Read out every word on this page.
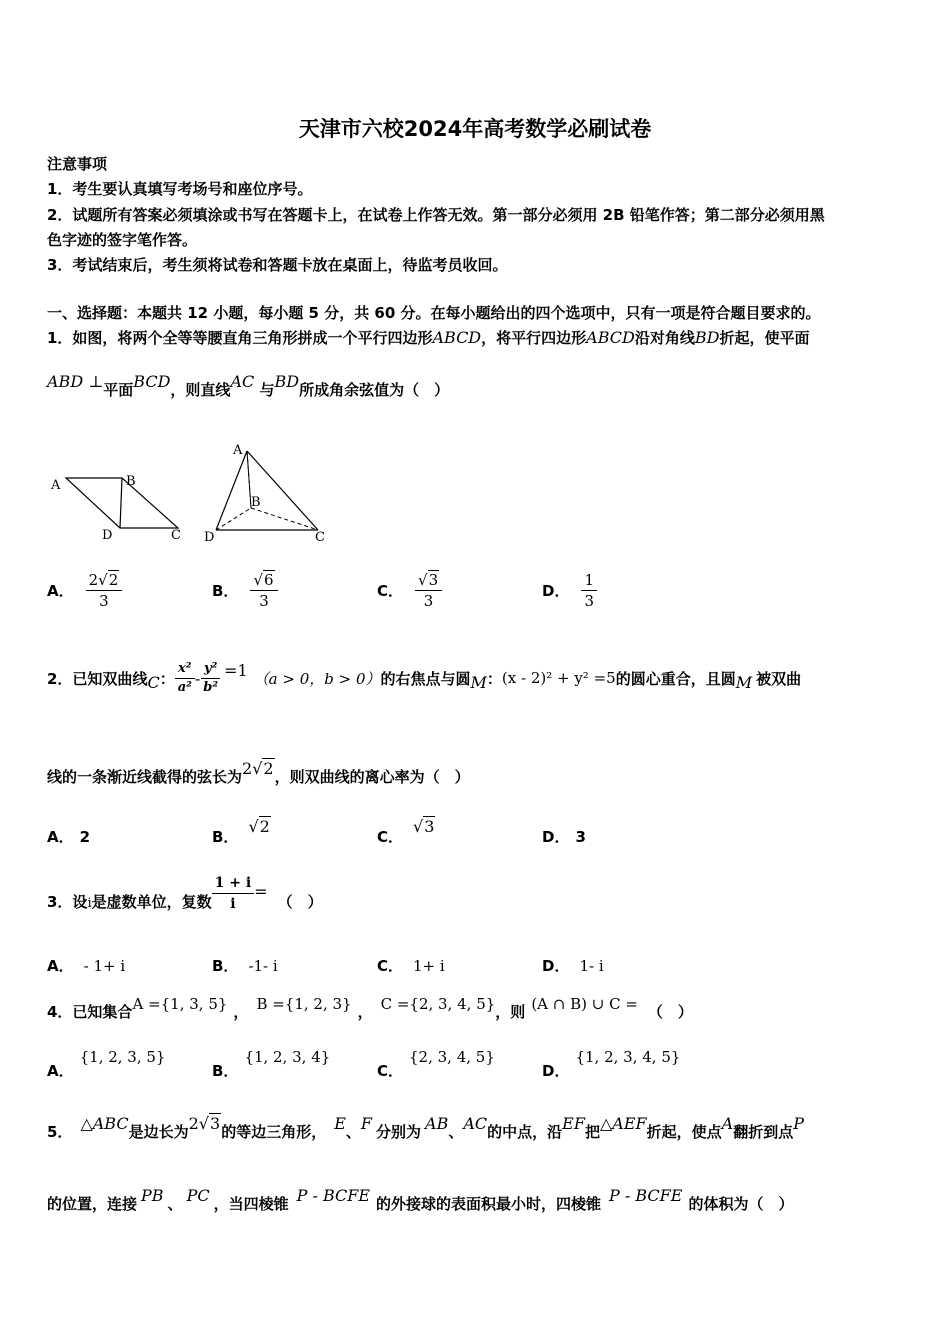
天津市六校2024年高考数学必刷试卷
注意事项
1．考生要认真填写考场号和座位序号。
2．试题所有答案必须填涂或书写在答题卡上，在试卷上作答无效。第一部分必须用 2B 铅笔作答；第二部分必须用黑
色字迹的签字笔作答。
3．考试结束后，考生须将试卷和答题卡放在桌面上，待监考员收回。
一、选择题：本题共 12 小题，每小题 5 分，共 60 分。在每小题给出的四个选项中，只有一项是符合题目要求的。
1．如图，将两个全等等腰直角三角形拼成一个平行四边形ABCD，将平行四边形ABCD沿对角线BD折起，使平面
ABD ⊥平面BCD，则直线AC 与BD所成角余弦值为（　）
A	B
C
D
A
B
C
D
A． $\frac{2√2}{3}$	B． $\frac{√6}{3}$	C． $\frac{√3}{3}$	D． $\frac{1}{3}$
2．已知双曲线 C ： $\frac{\text{x²}}{\text{a²}} - \frac{\text{y²}}{\text{b²}} =1$ （a > 0，b > 0） 的右焦点与圆 M ： (x - 2)² + y² =5 的圆心重合，且圆 M 被双曲
线的一条渐近线截得的弦长为2√2，则双曲线的离心率为（　）
A． 2	B．√2
C．√3
D． 3
3．设 i 是虚数单位，复数 $\frac{1 + i}{i}$ =
（　）
A． - 1+ i	B． -1- i	C． 1+ i	D． 1- i
4．已知集合A ={1, 3, 5} ， B ={1, 2, 3} ， C ={2, 3, 4, 5}，则 (A ∩ B) ∪ C = （　）
A．{1, 2, 3, 5}
B．{1, 2, 3, 4}
C．{2, 3, 4, 5}
D．{1, 2, 3, 4, 5}
5． △ABC是边长为2√3的等边三角形， E、F 分别为 AB、AC的中点，沿EF把△AEF折起，使点A翻折到点P
的位置，连接 PB 、 PC ，当四棱锥 P - BCFE 的外接球的表面积最小时，四棱锥 P - BCFE 的体积为（　）
